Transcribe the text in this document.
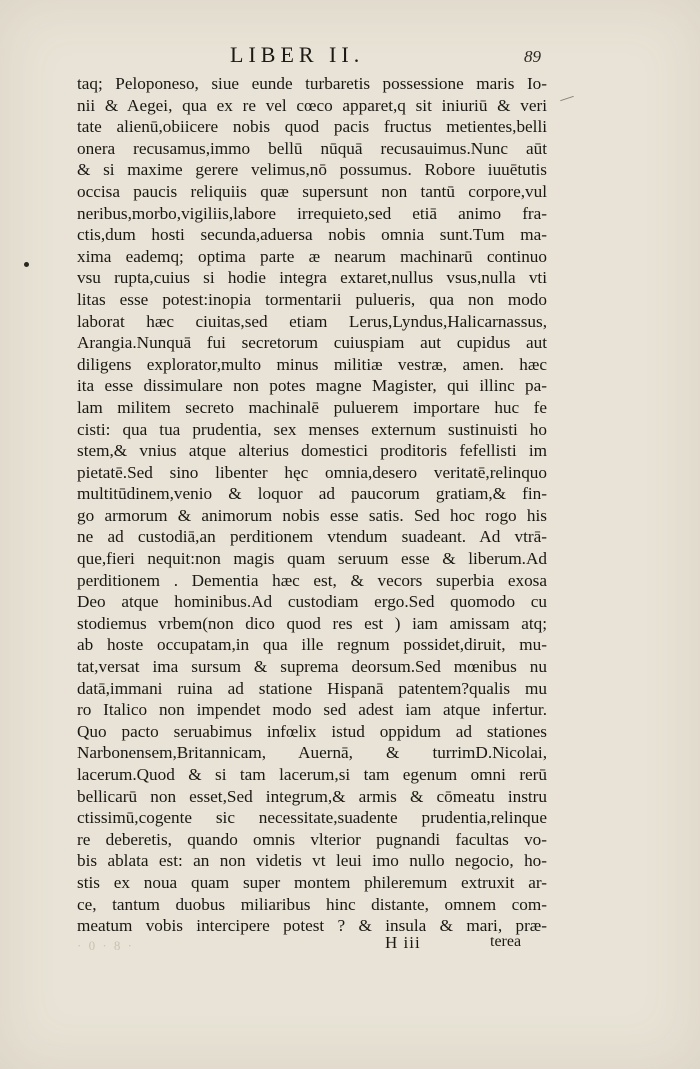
LIBER II.	89
taq; Peloponeso, siue eunde turbaretis possessione maris Io-
nii & Aegei, qua ex re vel cœco apparet,q sit iniuriū & veri
tate alienū,obiicere nobis quod pacis fructus metientes,belli
onera recusamus,immo bellū nūquā recusauimus.Nunc aūt
& si maxime gerere velimus,nō possumus. Robore iuuētutis
occisa paucis reliquiis quæ supersunt non tantū corpore,vul
neribus,morbo,vigiliis,labore irrequieto,sed etiā animo fra-
ctis,dum hosti secunda,aduersa nobis omnia sunt.Tum ma-
xima eademq; optima parte æ nearum machinarū continuo
vsu rupta,cuius si hodie integra extaret,nullus vsus,nulla vti
litas esse potest:inopia tormentarii pulueris, qua non modo
laborat hæc ciuitas,sed etiam Lerus,Lyndus,Halicarnassus,
Arangia.Nunquā fui secretorum cuiuspiam aut cupidus aut
diligens explorator,multo minus militiæ vestræ, amen. hæc
ita esse dissimulare non potes magne Magister, qui illinc pa-
lam militem secreto machinalē puluerem importare huc fe
cisti: qua tua prudentia, sex menses externum sustinuisti ho
stem,& vnius atque alterius domestici proditoris fefellisti im
pietatē.Sed sino libenter hęc omnia,desero veritatē,relinquo
multitūdinem,venio & loquor ad paucorum gratiam,& fin-
go armorum & animorum nobis esse satis. Sed hoc rogo his
ne ad custodiā,an perditionem vtendum suadeant. Ad vtrā-
que,fieri nequit:non magis quam seruum esse & liberum.Ad
perditionem . Dementia hæc est, & vecors superbia exosa
Deo atque hominibus.Ad custodiam ergo.Sed quomodo cu
stodiemus vrbem(non dico quod res est ) iam amissam atq;
ab hoste occupatam,in qua ille regnum possidet,diruit, mu-
tat,versat ima sursum & suprema deorsum.Sed mœnibus nu
datā,immani ruina ad statione Hispanā patentem?qualis mu
ro Italico non impendet modo sed adest iam atque infertur.
Quo pacto seruabimus infœlix istud oppidum ad stationes
Narbonensem,Britannicam, Auernā, & turrimD.Nicolai,
lacerum.Quod & si tam lacerum,si tam egenum omni rerū
bellicarū non esset,Sed integrum,& armis & cōmeatu instru
ctissimū,cogente sic necessitate,suadente prudentia,relinque
re deberetis, quando omnis vlterior pugnandi facultas vo-
bis ablata est: an non videtis vt leui imo nullo negocio, ho-
stis ex noua quam super montem phileremum extruxit ar-
ce, tantum duobus miliaribus hinc distante, omnem com-
meatum vobis intercipere potest ? & insula & mari, præ-
· 0 · 8 ·	H iii	terea
